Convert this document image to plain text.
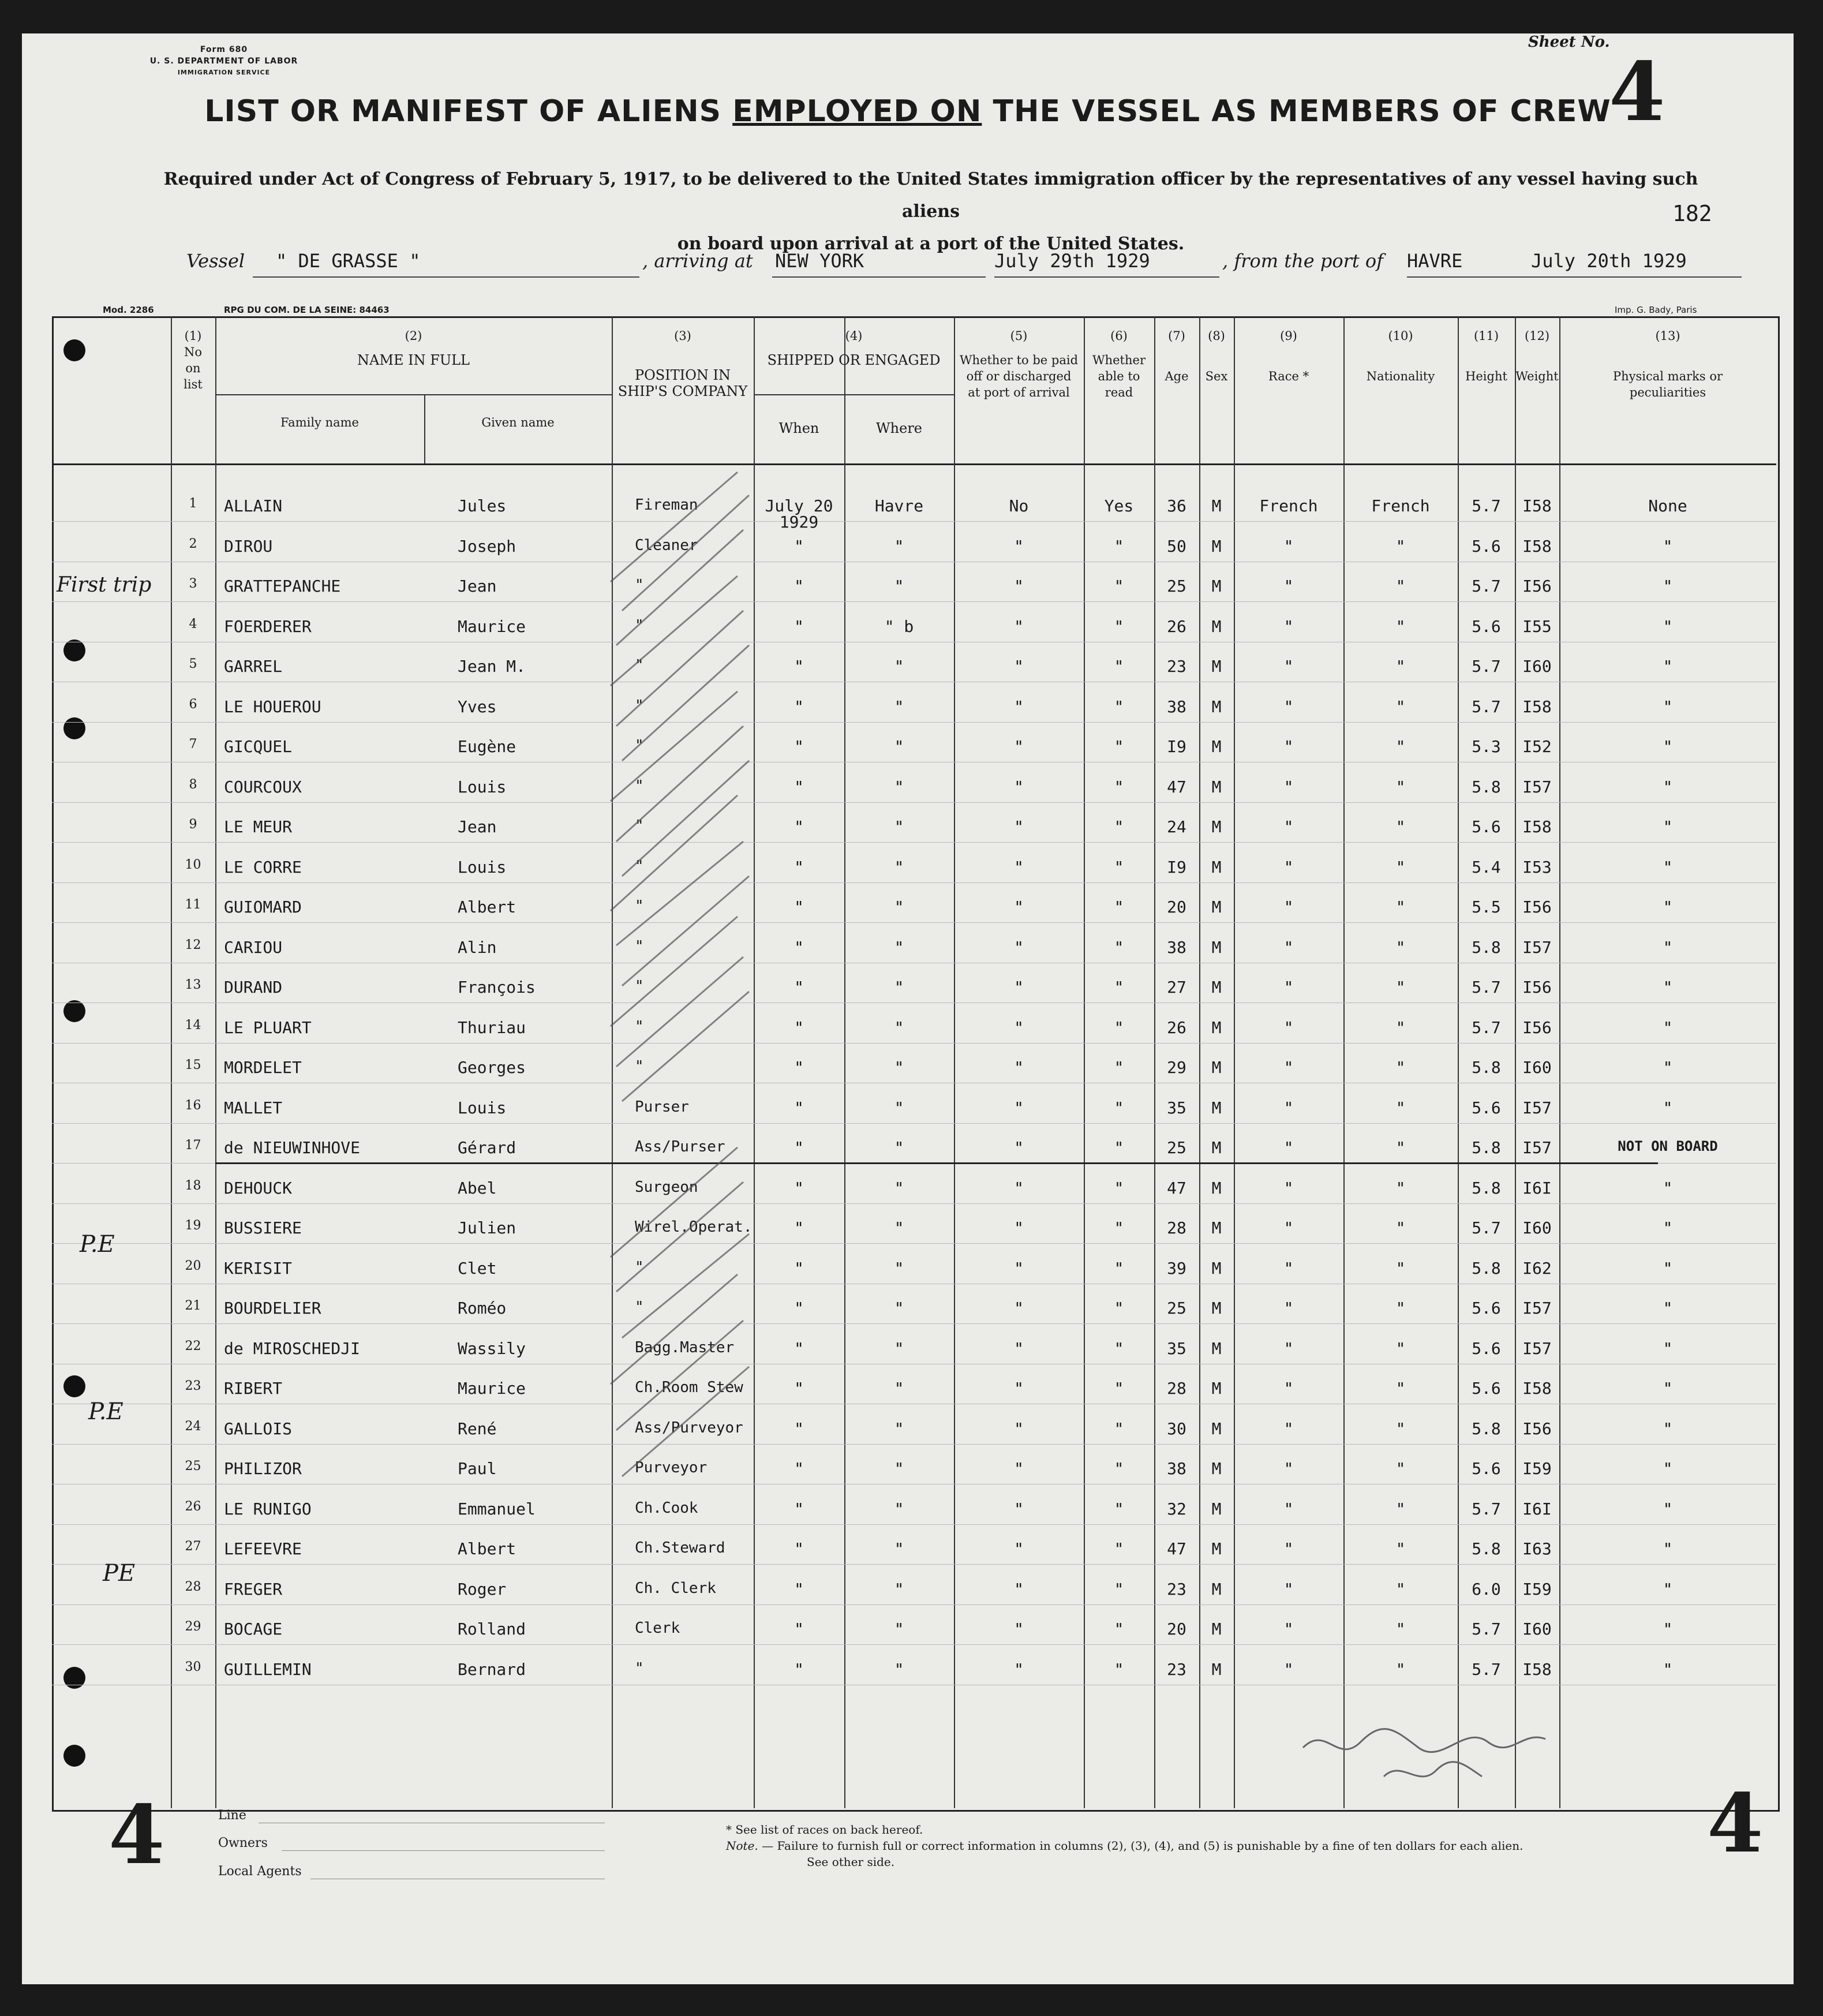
Form 680
U. S. DEPARTMENT OF LABOR
IMMIGRATION SERVICE
Sheet No.
4
LIST OR MANIFEST OF ALIENS EMPLOYED ON THE VESSEL AS MEMBERS OF CREW
Required under Act of Congress of February 5, 1917, to be delivered to the United States immigration officer by the representatives of any vessel having such aliens
on board upon arrival at a port of the United States.
182
Vessel " DE GRASSE "	, arriving at NEW YORK	July 29th 1929	, from the port of HAVRE	July 20th 1929
Mod. 2286	RPG DU COM. DE LA SEINE: 84463	Imp. G. Bady, Paris
(1)
No
on
list
(2)
NAME IN FULL
Family name	Given name
(3)
POSITION IN
SHIP'S COMPANY
(4)
SHIPPED OR ENGAGED
When	Where
(5)
Whether to be paid
off or discharged
at port of arrival
(6)
Whether
able to
read
(7)
Age
(8)
Sex
(9)
Race *
(10)
Nationality
(11)
Height
(12)
Weight
(13)
Physical marks or
peculiarities
1	ALLAIN	Jules	Fireman	July 20	Havre	No	Yes	36	M	French	French	5.7	I58	None
1929
2	DIROU	Joseph	Cleaner	"	"	"	"	50	M	"	"	5.6	I58	"
3	GRATTEPANCHE	Jean	"	"	"	"	"	25	M	"	"	5.7	I56	"
4	FOERDERER	Maurice	"	"	" b	"	"	26	M	"	"	5.6	I55	"
5	GARREL	Jean M.	"	"	"	"	"	23	M	"	"	5.7	I60	"
6	LE HOUEROU	Yves	"	"	"	"	"	38	M	"	"	5.7	I58	"
7	GICQUEL	Eugène	"	"	"	"	"	I9	M	"	"	5.3	I52	"
8	COURCOUX	Louis	"	"	"	"	"	47	M	"	"	5.8	I57	"
9	LE MEUR	Jean	"	"	"	"	"	24	M	"	"	5.6	I58	"
10	LE CORRE	Louis	"	"	"	"	"	I9	M	"	"	5.4	I53	"
11	GUIOMARD	Albert	"	"	"	"	"	20	M	"	"	5.5	I56	"
12	CARIOU	Alin	"	"	"	"	"	38	M	"	"	5.8	I57	"
13	DURAND	François	"	"	"	"	"	27	M	"	"	5.7	I56	"
14	LE PLUART	Thuriau	"	"	"	"	"	26	M	"	"	5.7	I56	"
15	MORDELET	Georges	"	"	"	"	"	29	M	"	"	5.8	I60	"
16	MALLET	Louis	Purser	"	"	"	"	35	M	"	"	5.6	I57	"
17	de NIEUWINHOVE	Gérard	Ass/Purser	"	"	"	"	25	M	"	"	5.8	I57	NOT ON BOARD
18	DEHOUCK	Abel	Surgeon	"	"	"	"	47	M	"	"	5.8	I6I	"
19	BUSSIERE	Julien	Wirel.Operat.	"	"	"	"	28	M	"	"	5.7	I60	"
20	KERISIT	Clet	"	"	"	"	"	39	M	"	"	5.8	I62	"
21	BOURDELIER	Roméo	"	"	"	"	"	25	M	"	"	5.6	I57	"
22	de MIROSCHEDJI	Wassily	Bagg.Master	"	"	"	"	35	M	"	"	5.6	I57	"
23	RIBERT	Maurice	Ch.Room Stew	"	"	"	"	28	M	"	"	5.6	I58	"
24	GALLOIS	René	Ass/Purveyor	"	"	"	"	30	M	"	"	5.8	I56	"
25	PHILIZOR	Paul	Purveyor	"	"	"	"	38	M	"	"	5.6	I59	"
26	LE RUNIGO	Emmanuel	Ch.Cook	"	"	"	"	32	M	"	"	5.7	I6I	"
27	LEFEEVRE	Albert	Ch.Steward	"	"	"	"	47	M	"	"	5.8	I63	"
28	FREGER	Roger	Ch. Clerk	"	"	"	"	23	M	"	"	6.0	I59	"
29	BOCAGE	Rolland	Clerk	"	"	"	"	20	M	"	"	5.7	I60	"
30	GUILLEMIN	Bernard	"	"	"	"	"	23	M	"	"	5.7	I58	"
First trip
P.E
P.E
PE
Line
Owners
Local Agents
* See list of races on back hereof.
Note. — Failure to furnish full or correct information in columns (2), (3), (4), and (5) is punishable by a fine of ten dollars for each alien.
See other side.
4	4
